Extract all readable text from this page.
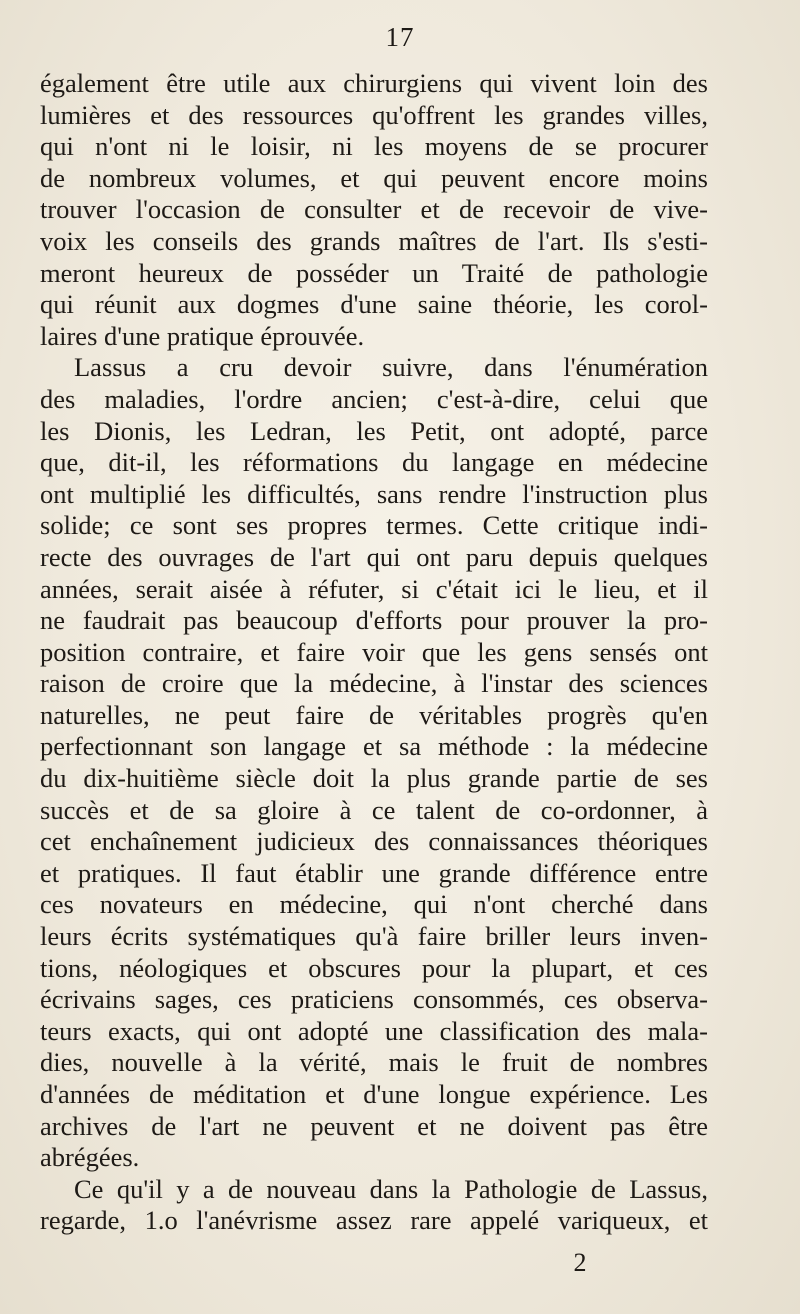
17
également être utile aux chirurgiens qui vivent loin des
lumières et des ressources qu'offrent les grandes villes,
qui n'ont ni le loisir, ni les moyens de se procurer
de nombreux volumes, et qui peuvent encore moins
trouver l'occasion de consulter et de recevoir de vive-
voix les conseils des grands maîtres de l'art. Ils s'esti-
meront heureux de posséder un Traité de pathologie
qui réunit aux dogmes d'une saine théorie, les corol-
laires d'une pratique éprouvée.
Lassus a cru devoir suivre, dans l'énumération
des maladies, l'ordre ancien; c'est-à-dire, celui que
les Dionis, les Ledran, les Petit, ont adopté, parce
que, dit-il, les réformations du langage en médecine
ont multiplié les difficultés, sans rendre l'instruction plus
solide; ce sont ses propres termes. Cette critique indi-
recte des ouvrages de l'art qui ont paru depuis quelques
années, serait aisée à réfuter, si c'était ici le lieu, et il
ne faudrait pas beaucoup d'efforts pour prouver la pro-
position contraire, et faire voir que les gens sensés ont
raison de croire que la médecine, à l'instar des sciences
naturelles, ne peut faire de véritables progrès qu'en
perfectionnant son langage et sa méthode : la médecine
du dix-huitième siècle doit la plus grande partie de ses
succès et de sa gloire à ce talent de co-ordonner, à
cet enchaînement judicieux des connaissances théoriques
et pratiques. Il faut établir une grande différence entre
ces novateurs en médecine, qui n'ont cherché dans
leurs écrits systématiques qu'à faire briller leurs inven-
tions, néologiques et obscures pour la plupart, et ces
écrivains sages, ces praticiens consommés, ces observa-
teurs exacts, qui ont adopté une classification des mala-
dies, nouvelle à la vérité, mais le fruit de nombres
d'années de méditation et d'une longue expérience. Les
archives de l'art ne peuvent et ne doivent pas être
abrégées.
Ce qu'il y a de nouveau dans la Pathologie de Lassus,
regarde, 1.o l'anévrisme assez rare appelé variqueux, et
2
